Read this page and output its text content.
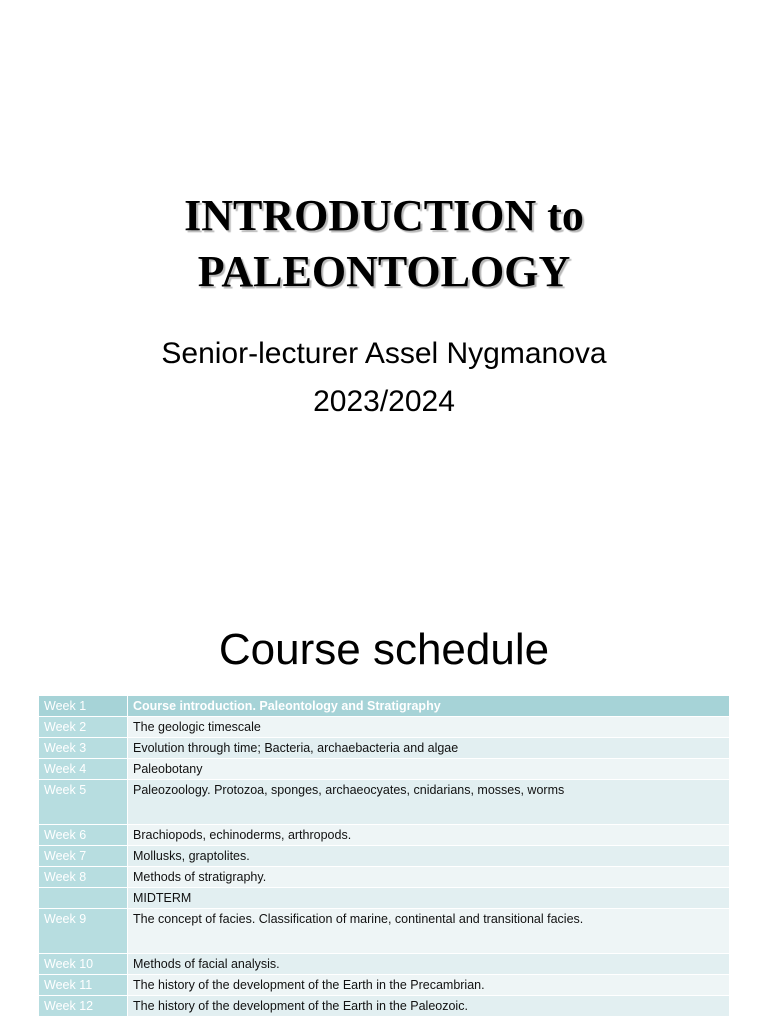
INTRODUCTION to

PALEONTOLOGY

Senior-lecturer Assel Nygmanova

2023/2024

Course schedule

Week 1	Course introduction. Paleontology and Stratigraphy
Week 2	The geologic timescale
Week 3	Evolution through time; Bacteria, archaebacteria and algae
Week 4	Paleobotany
Week 5	Paleozoology. Protozoa, sponges, archaeocyates, cnidarians, mosses, worms
Week 6	Brachiopods, echinoderms, arthropods.
Week 7	Mollusks, graptolites.
Week 8	Methods of stratigraphy.
	MIDTERM
Week 9	The concept of facies. Classification of marine, continental and transitional facies.
Week 10	Methods of facial analysis.
Week 11	The history of the development of the Earth in the Precambrian.
Week 12	The history of the development of the Earth in the Paleozoic.
